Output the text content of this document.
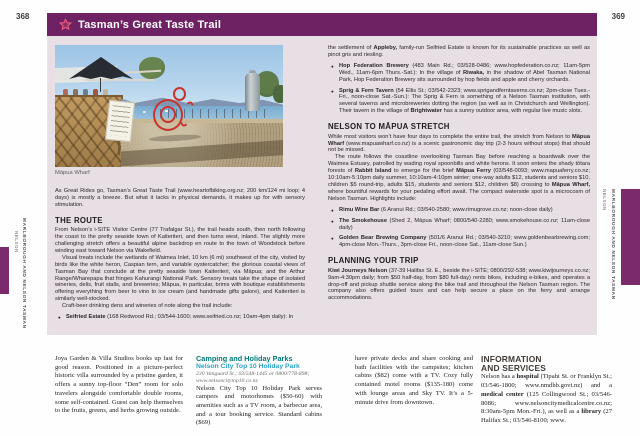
368	369
Tasman’s Great Taste Trail
Māpua Wharf

As Great Rides go, Tasman’s Great Taste Trail (www.heartofbiking.org.nz; 200 km/124 mi loop; 4 days) is mostly a breeze. But what it lacks in physical demands, it makes up for with sensory stimulation.

THE ROUTE

From Nelson’s i-SITE Visitor Centre (77 Trafalgar St.), the trail heads south, then north following the coast to the pretty seaside town of Kaiteriteri, and then turns west, inland. The slightly more challenging stretch offers a beautiful alpine backdrop en route to the town of Woodstock before winding east toward Nelson via Wakefield.

Visual treats include the wetlands of Waimea Inlet, 10 km (6 mi) southwest of the city, visited by birds like the white heron, Caspian tern, and variable oystercatcher; the glorious coastal views of Tasman Bay that conclude at the pretty seaside town Kaiteriteri, via Māpua; and the Arthur Range/Wharepapa that fringes Kahurangi National Park. Sensory treats take the shape of isolated wineries, delis, fruit stalls, and breweries; Māpua, in particular, brims with boutique establishments offering everything from beer to vino to ice cream (and handmade gifts galore), and Kaiteriteri is similarly well-stocked.

Craft-beer drinking dens and wineries of note along the trail include:

● Seifried Estate (168 Redwood Rd.; 03/544-1600; www.seifried.co.nz; 10am-4pm daily): In

the settlement of Appleby, family-run Seifried Estate is known for its sustainable practices as well as pinot gris and riesling.

● Hop Federation Brewery (483 Main Rd.; 03/528-0486; www.hopfederation.co.nz; 11am-5pm Wed., 11am-6pm Thurs.-Sat.): In the village of Riwaka, in the shadow of Abel Tasman National Park, Hop Federation Brewery sits surrounded by hop fields and apple and cherry orchards.

● Sprig & Fern Tavern (54 Ellis St.; 03/542-2323; www.sprigandferntaverns.co.nz; 2pm-close Tues.-Fri., noon-close Sat.-Sun.): The Sprig & Fern is something of a Nelson Tasman institution, with several taverns and microbreweries dotting the region (as well as in Christchurch and Wellington). Their tavern in the village of Brightwater has a sunny outdoor area, with regular live music slots.

NELSON TO MĀPUA STRETCH

While most visitors won’t have four days to complete the entire trail, the stretch from Nelson to Māpua Wharf (www.mapuawharf.co.nz) is a scenic gastronomic day trip (2-3 hours without stops) that should not be missed.

The route follows the coastline overlooking Tasman Bay before reaching a boardwalk over the Waimea Estuary, patrolled by wading royal spoonbills and white herons. It soon enters the shady tōtara forests of Rabbit Island to emerge for the brief Māpua Ferry (03/548-0093; www.mapuaferry.co.nz; 10:10am-5:10pm daily summer, 10:10am-4:10pm winter; one-way adults $12, students and seniors $10, children $5 round-trip, adults $15, students and seniors $12, children $8) crossing to Māpua Wharf, where bountiful rewards for your pedaling effort await. The compact waterside spot is a microcosm of Nelson Tasman. Highlights include:

● Rimu Wine Bar (6 Aranui Rd.; 03/540-2580; www.rimugrove.co.nz; noon-close daily)

● The Smokehouse (Shed 2, Māpua Wharf; 0800/540-2280; www.smokehouse.co.nz; 11am-close daily)

● Golden Bear Brewing Company (501/6 Aranui Rd.; 03/540-3210; www.goldenbearbrewing.com; 4pm-close Mon.-Thurs., 3pm-close Fri., noon-close Sat., 11am-close Sun.)

PLANNING YOUR TRIP

Kiwi Journeys Nelson (37-39 Halifax St. E., beside the i-SITE; 0800/292-538; www.kiwijourneys.co.nz; 9am-4:30pm daily; from $50 half-day, from $80 full-day) rents bikes, including e-bikes, and operates a drop-off and pickup shuttle service along the bike trail and throughout the Nelson Tasman region. The company also offers guided tours and can help secure a place on the ferry and arrange accommodations.

Joya Garden & Villa Studios books up fast for good reason. Positioned in a picture-perfect historic villa surrounded by a pristine garden, it offers a sunny top-floor “Den” room for solo travelers alongside comfortable double rooms, some self-contained. Guest can help themselves to the fruits, greens, and herbs growing outside.

Camping and Holiday Parks

Nelson City Top 10 Holiday Park

230 Vanguard St.; 03/548-1445 or 0800/778-898; www.nelsoncitytop10.co.nz

Nelson City Top 10 Holiday Park serves campers and motorhomes ($50-60) with amenities such as a TV room, a barbecue area, and a tour booking service. Standard cabins ($69)

have private decks and share cooking and bath facilities with the campsites; kitchen cabins ($82) come with a TV. Cozy fully contained motel rooms ($135-180) come with lounge areas and Sky TV. It’s a 5-minute drive from downtown.

INFORMATION
AND SERVICES

Nelson has a hospital (Tipahi St. or Franklyn St.; 03/546-1800; www.nmdhb.govt.nz) and a medical center (125 Collingwood St.; 03/546-8086; www.nelsoncitymedicalcentre.co.nz; 8:30am-5pm Mon.-Fri.), as well as a library (27 Halifax St.; 03/546-8100; www.

MARLBOROUGH AND NELSON TASMAN
NELSON
NELSON MARLBOROUGH AND NELSON TASMAN
